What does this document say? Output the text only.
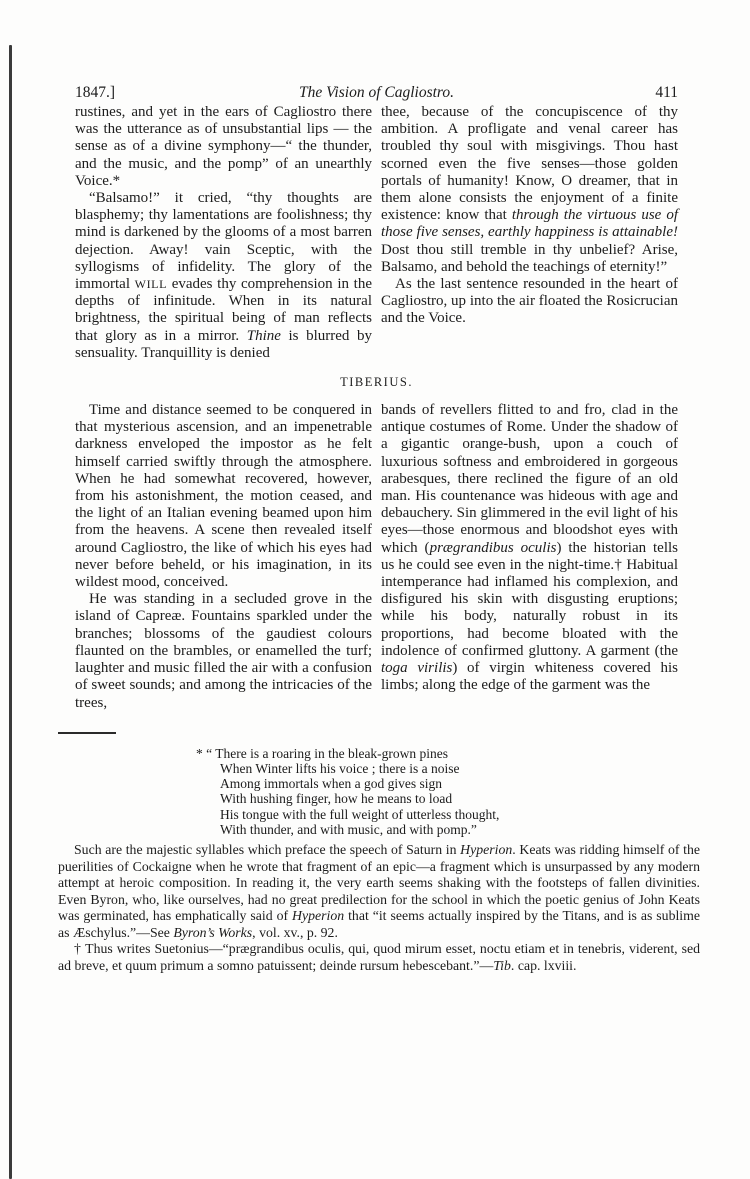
1847.]	The Vision of Cagliostro.	411

rustines, and yet in the ears of Cagliostro there was the utterance as of unsubstantial lips — the sense as of a divine symphony—“ the thunder, and the music, and the pomp” of an unearthly Voice.*

“Balsamo!” it cried, “thy thoughts are blasphemy; thy lamentations are foolishness; thy mind is darkened by the glooms of a most barren dejection. Away! vain Sceptic, with the syllogisms of infidelity. The glory of the immortal WILL evades thy comprehension in the depths of infinitude. When in its natural brightness, the spiritual being of man reflects that glory as in a mirror. Thine is blurred by sensuality. Tranquillity is denied

thee, because of the concupiscence of thy ambition. A profligate and venal career has troubled thy soul with misgivings. Thou hast scorned even the five senses—those golden portals of humanity! Know, O dreamer, that in them alone consists the enjoyment of a finite existence: know that through the virtuous use of those five senses, earthly happiness is attainable! Dost thou still tremble in thy unbelief? Arise, Balsamo, and behold the teachings of eternity!”

As the last sentence resounded in the heart of Cagliostro, up into the air floated the Rosicrucian and the Voice.

TIBERIUS.

Time and distance seemed to be conquered in that mysterious ascension, and an impenetrable darkness enveloped the impostor as he felt himself carried swiftly through the atmosphere. When he had somewhat recovered, however, from his astonishment, the motion ceased, and the light of an Italian evening beamed upon him from the heavens. A scene then revealed itself around Cagliostro, the like of which his eyes had never before beheld, or his imagination, in its wildest mood, conceived.

He was standing in a secluded grove in the island of Capreæ. Fountains sparkled under the branches; blossoms of the gaudiest colours flaunted on the brambles, or enamelled the turf; laughter and music filled the air with a confusion of sweet sounds; and among the intricacies of the trees,

bands of revellers flitted to and fro, clad in the antique costumes of Rome. Under the shadow of a gigantic orange-bush, upon a couch of luxurious softness and embroidered in gorgeous arabesques, there reclined the figure of an old man. His countenance was hideous with age and debauchery. Sin glimmered in the evil light of his eyes—those enormous and bloodshot eyes with which (prægrandibus oculis) the historian tells us he could see even in the night-time.† Habitual intemperance had inflamed his complexion, and disfigured his skin with disgusting eruptions; while his body, naturally robust in its proportions, had become bloated with the indolence of confirmed gluttony. A garment (the toga virilis) of virgin whiteness covered his limbs; along the edge of the garment was the

* “ There is a roaring in the bleak-grown pines
When Winter lifts his voice ; there is a noise
Among immortals when a god gives sign
With hushing finger, how he means to load
His tongue with the full weight of utterless thought,
With thunder, and with music, and with pomp.”

Such are the majestic syllables which preface the speech of Saturn in Hyperion. Keats was ridding himself of the puerilities of Cockaigne when he wrote that fragment of an epic—a fragment which is unsurpassed by any modern attempt at heroic composition. In reading it, the very earth seems shaking with the footsteps of fallen divinities. Even Byron, who, like ourselves, had no great predilection for the school in which the poetic genius of John Keats was germinated, has emphatically said of Hyperion that “it seems actually inspired by the Titans, and is as sublime as Æschylus.”—See Byron’s Works, vol. xv., p. 92.

† Thus writes Suetonius—“prægrandibus oculis, qui, quod mirum esset, noctu etiam et in tenebris, viderent, sed ad breve, et quum primum a somno patuissent; deinde rursum hebescebant.”—Tib. cap. lxviii.
